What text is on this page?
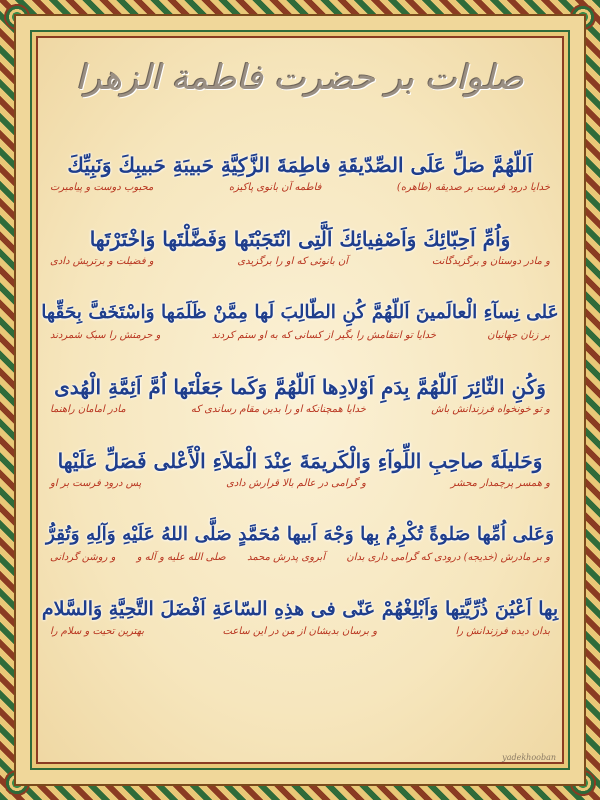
صلوات بر حضرت فاطمة الزهرا
اَللّهُمَّ صَلِّ عَلَى الصِّدّيقَةِ فاطِمَةَ الزَّكِيَّةِ حَبيبَةِ حَبيبِكَ وَنَبِيِّكَ
خدایا درود فرست بر صدیقه (طاهره)
فاطمه آن بانوی پاکیزه
محبوب دوست و پیامبرت
وَاُمِّ اَحِبّائِكَ وَاَصْفِيائِكَ اَلَّتِى انْتَجَبْتَها وَفَضَّلْتَها وَاخْتَرْتَها
و مادر دوستان و برگزیدگانت
آن بانوئی که او را برگزیدی
و فضیلت و برتریش دادی
عَلى نِسآءِ الْعالَمينَ اَللّهُمَّ كُنِ الطّالِبَ لَها مِمَّنْ ظَلَمَها وَاسْتَخَفَّ بِحَقِّها
بر زنان جهانیان
خدایا تو انتقامش را بگیر از کسانی که به او ستم کردند
و حرمتش را سبک شمردند
وَكُنِ الثّائِرَ اَللّهُمَّ بِدَمِ اَوْلادِها اَللّهُمَّ وَكَما جَعَلْتَها اُمَّ اَئِمَّةِ الْهُدى
و تو خونخواه فرزندانش باش
خدایا همچنانکه او را بدین مقام رساندی که
مادر امامان راهنما
وَحَليلَةَ صاحِبِ اللِّوآءِ وَالْكَريمَةَ عِنْدَ الْمَلاَءِ الْأَعْلى فَصَلِّ عَلَيْها
و همسر پرچمدار محشر
و گرامی در عالم بالا قرارش دادی
پس درود فرست بر او
وَعَلى اُمِّها صَلوةً تُكْرِمُ بِها وَجْهَ اَبيها مُحَمَّدٍ صَلَّى اللهُ عَلَيْهِ وَآلِهِ وَتُقِرُّ
و بر مادرش (خدیجه) درودی که گرامی داری بدان
آبروی پدرش محمد
صلی الله علیه و آله و
و روشن گردانی
بِها اَعْيُنَ ذُرِّيَّتِها وَاَبْلِغْهُمْ عَنّى فى هذِهِ السّاعَةِ اَفْضَلَ التَّحِيَّةِ وَالسَّلام
بدان دیده فرزندانش را
و برسان بدیشان از من در این ساعت
بهترین تحیت و سلام را
yadekhooban
